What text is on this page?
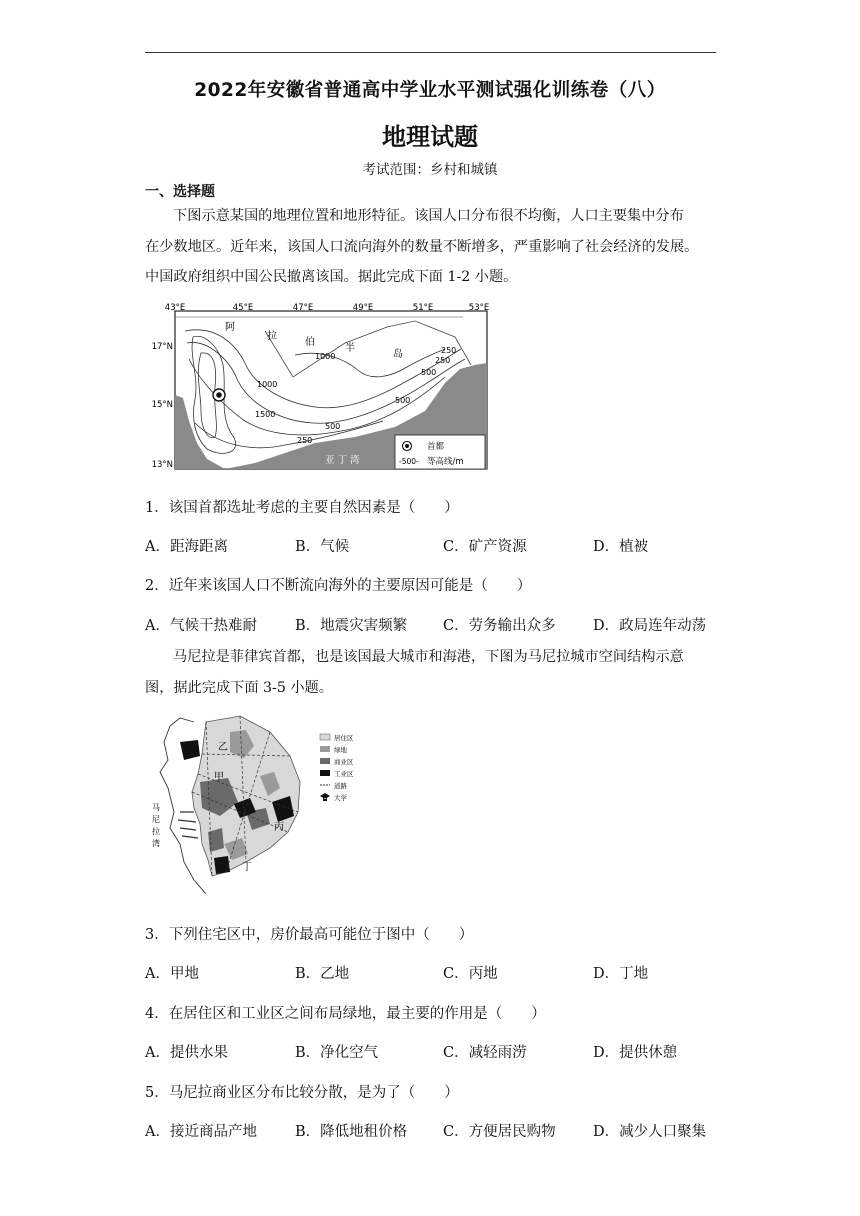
2022年安徽省普通高中学业水平测试强化训练卷（八）
地理试题
考试范围：乡村和城镇
一、选择题
下图示意某国的地理位置和地形特征。该国人口分布很不均衡，人口主要集中分布
在少数地区。近年来，该国人口流向海外的数量不断增多，严重影响了社会经济的发展。
中国政府组织中国公民撤离该国。据此完成下面 1-2 小题。
43°E	45°E	47°E	49°E	51°E	53°E
17°N
15°N
13°N
阿
拉
伯
半
岛
1000
1000
1500
500
250
500
250
500
250
亚 丁 湾
首都
-500- 等高线/m
1．该国首都选址考虑的主要自然因素是（　　）
A．距海距离	B．气候	C．矿产资源	D．植被
2．近年来该国人口不断流向海外的主要原因可能是（　　）
A．气候干热难耐	B．地震灾害频繁 C．劳务输出众多	D．政局连年动荡
马尼拉是菲律宾首都，也是该国最大城市和海港，下图为马尼拉城市空间结构示意
图，据此完成下面 3-5 小题。
乙
甲
丙
丁
马
尼
拉
湾
居住区
绿地
商业区
工业区
道路
大学
3．下列住宅区中，房价最高可能位于图中（　　）
A．甲地	B．乙地	C．丙地	D．丁地
4．在居住区和工业区之间布局绿地，最主要的作用是（　　）
A．提供水果	B．净化空气	C．减轻雨涝	D．提供休憩
5．马尼拉商业区分布比较分散，是为了（　　）
A．接近商品产地	B．降低地租价格 C．方便居民购物	D．减少人口聚集
